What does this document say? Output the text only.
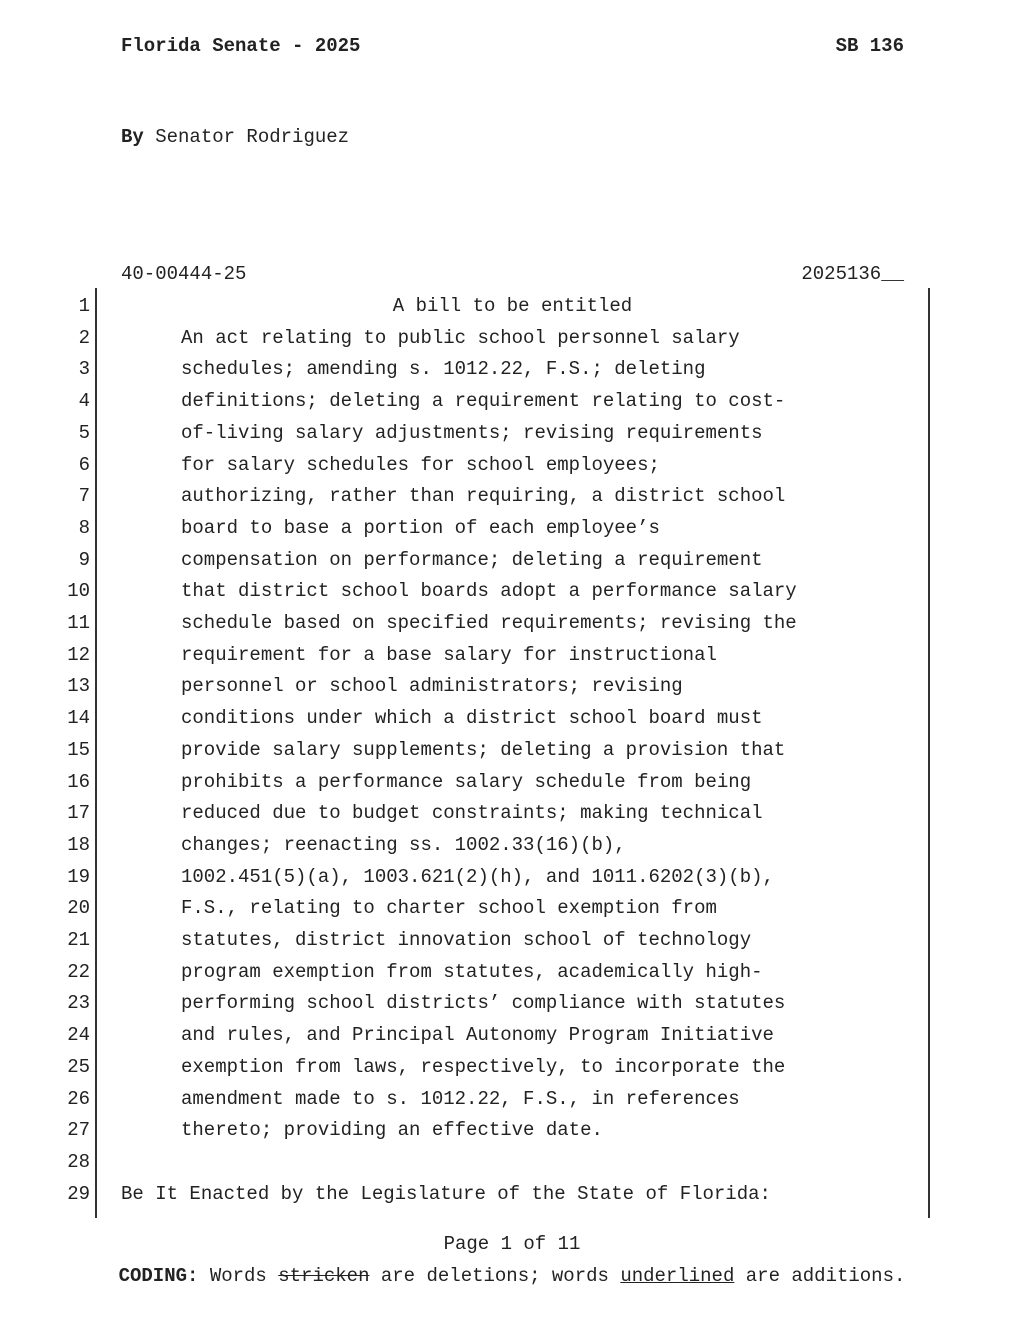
Florida Senate - 2025	SB 136
By Senator Rodriguez
40-00444-25	2025136__
1	A bill to be entitled
2	An act relating to public school personnel salary
3	schedules; amending s. 1012.22, F.S.; deleting
4	definitions; deleting a requirement relating to cost-
5	of-living salary adjustments; revising requirements
6	for salary schedules for school employees;
7	authorizing, rather than requiring, a district school
8	board to base a portion of each employee’s
9	compensation on performance; deleting a requirement
10	that district school boards adopt a performance salary
11	schedule based on specified requirements; revising the
12	requirement for a base salary for instructional
13	personnel or school administrators; revising
14	conditions under which a district school board must
15	provide salary supplements; deleting a provision that
16	prohibits a performance salary schedule from being
17	reduced due to budget constraints; making technical
18	changes; reenacting ss. 1002.33(16)(b),
19	1002.451(5)(a), 1003.621(2)(h), and 1011.6202(3)(b),
20	F.S., relating to charter school exemption from
21	statutes, district innovation school of technology
22	program exemption from statutes, academically high-
23	performing school districts’ compliance with statutes
24	and rules, and Principal Autonomy Program Initiative
25	exemption from laws, respectively, to incorporate the
26	amendment made to s. 1012.22, F.S., in references
27	thereto; providing an effective date.
28
29 Be It Enacted by the Legislature of the State of Florida:
Page 1 of 11
CODING: Words stricken are deletions; words underlined are additions.
